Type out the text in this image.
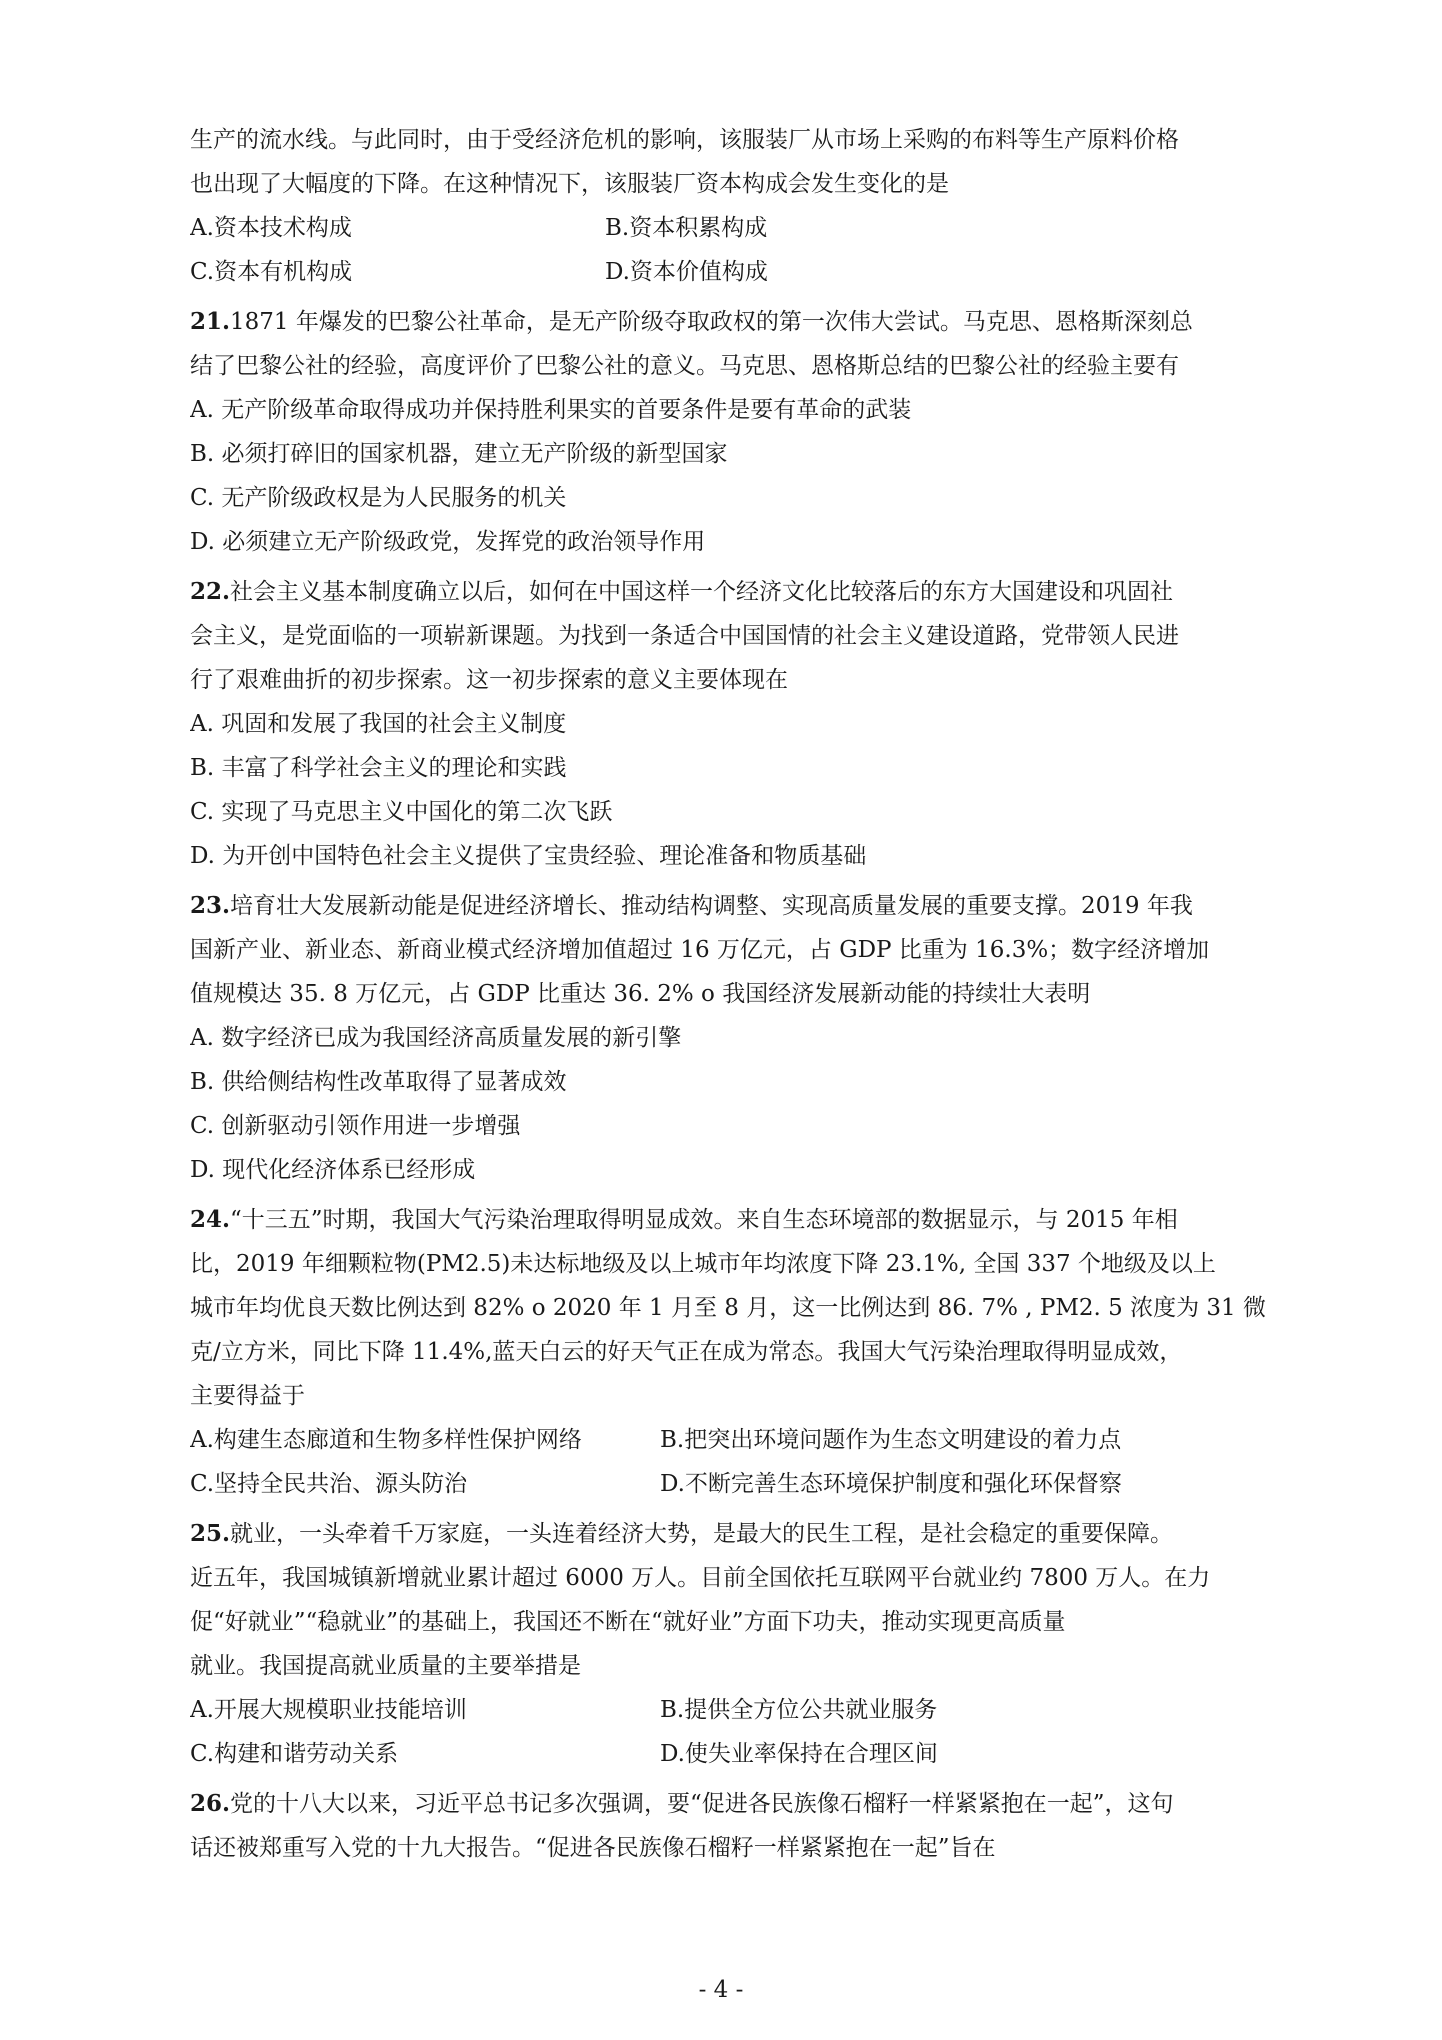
生产的流水线。与此同时，由于受经济危机的影响，该服装厂从市场上采购的布料等生产原料价格
也出现了大幅度的下降。在这种情况下，该服装厂资本构成会发生变化的是
A.资本技术构成	B.资本积累构成
C.资本有机构成	D.资本价值构成
21.1871 年爆发的巴黎公社革命，是无产阶级夺取政权的第一次伟大尝试。马克思、恩格斯深刻总
结了巴黎公社的经验，高度评价了巴黎公社的意义。马克思、恩格斯总结的巴黎公社的经验主要有
A. 无产阶级革命取得成功并保持胜利果实的首要条件是要有革命的武装
B. 必须打碎旧的国家机器，建立无产阶级的新型国家
C. 无产阶级政权是为人民服务的机关
D. 必须建立无产阶级政党，发挥党的政治领导作用
22.社会主义基本制度确立以后，如何在中国这样一个经济文化比较落后的东方大国建设和巩固社
会主义，是党面临的一项崭新课题。为找到一条适合中国国情的社会主义建设道路，党带领人民进
行了艰难曲折的初步探索。这一初步探索的意义主要体现在
A. 巩固和发展了我国的社会主义制度
B. 丰富了科学社会主义的理论和实践
C. 实现了马克思主义中国化的第二次飞跃
D. 为开创中国特色社会主义提供了宝贵经验、理论准备和物质基础
23.培育壮大发展新动能是促进经济增长、推动结构调整、实现高质量发展的重要支撑。2019 年我
国新产业、新业态、新商业模式经济增加值超过 16 万亿元，占 GDP 比重为 16.3%；数字经济增加
值规模达 35. 8 万亿元，占 GDP 比重达 36. 2% o 我国经济发展新动能的持续壮大表明
A. 数字经济已成为我国经济高质量发展的新引擎
B. 供给侧结构性改革取得了显著成效
C. 创新驱动引领作用进一步增强
D. 现代化经济体系已经形成
24.“十三五”时期，我国大气污染治理取得明显成效。来自生态环境部的数据显示，与 2015 年相
比，2019 年细颗粒物(PM2.5)未达标地级及以上城市年均浓度下降 23.1%, 全国 337 个地级及以上
城市年均优良天数比例达到 82% o 2020 年 1 月至 8 月，这一比例达到 86. 7% , PM2. 5 浓度为 31 微
克/立方米，同比下降 11.4%,蓝天白云的好天气正在成为常态。我国大气污染治理取得明显成效，
主要得益于
A.构建生态廊道和生物多样性保护网络	B.把突出环境问题作为生态文明建设的着力点
C.坚持全民共治、源头防治	D.不断完善生态环境保护制度和强化环保督察
25.就业，一头牵着千万家庭，一头连着经济大势，是最大的民生工程，是社会稳定的重要保障。
近五年，我国城镇新增就业累计超过 6000 万人。目前全国依托互联网平台就业约 7800 万人。在力
促“好就业”“稳就业”的基础上，我国还不断在“就好业”方面下功夫，推动实现更高质量
就业。我国提高就业质量的主要举措是
A.开展大规模职业技能培训	B.提供全方位公共就业服务
C.构建和谐劳动关系	D.使失业率保持在合理区间
26.党的十八大以来，习近平总书记多次强调，要“促进各民族像石榴籽一样紧紧抱在一起”，这句
话还被郑重写入党的十九大报告。“促进各民族像石榴籽一样紧紧抱在一起”旨在
- 4 -
